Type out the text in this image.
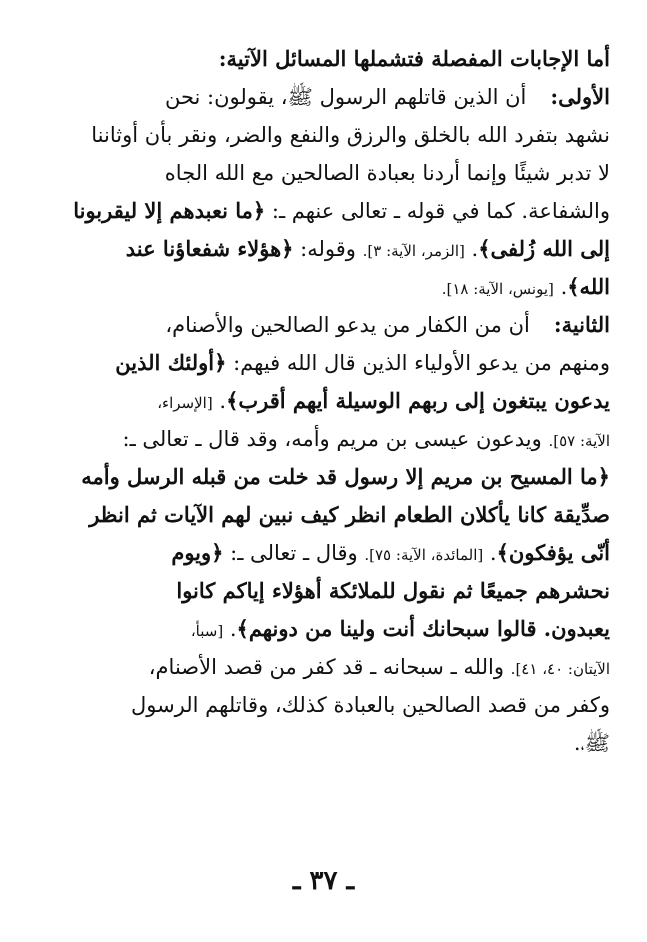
أما الإجابات المفصلة فتشملها المسائل الآتية:
الأولى:أن الذين قاتلهم الرسول ﷺ، يقولون: نحن
نشهد بتفرد الله بالخلق والرزق والنفع والضر، ونقر بأن أوثاننا
لا تدبر شيئًا وإنما أردنا بعبادة الصالحين مع الله الجاه
والشفاعة. كما في قوله ـ تعالى عنهم ـ: ﴿ما نعبدهم إلا ليقربونا
إلى الله زُلفى﴾. [الزمر، الآية: ٣]. وقوله: ﴿هؤلاء شفعاؤنا عند
الله﴾. [يونس، الآية: ١٨].
الثانية:أن من الكفار من يدعو الصالحين والأصنام،
ومنهم من يدعو الأولياء الذين قال الله فيهم: ﴿أولئك الذين
يدعون يبتغون إلى ربهم الوسيلة أيهم أقرب﴾. [الإسراء،
الآية: ٥٧]. ويدعون عيسى بن مريم وأمه، وقد قال ـ تعالى ـ:
﴿ما المسيح بن مريم إلا رسول قد خلت من قبله الرسل وأمه
صدِّيقة كانا يأكلان الطعام انظر كيف نبين لهم الآيات ثم انظر
أنّى يؤفكون﴾. [المائدة، الآية: ٧٥]. وقال ـ تعالى ـ: ﴿ويوم
نحشرهم جميعًا ثم نقول للملائكة أهؤلاء إياكم كانوا
يعبدون. قالوا سبحانك أنت ولينا من دونهم﴾. [سبأ،
الآيتان: ٤٠، ٤١]. والله ـ سبحانه ـ قد كفر من قصد الأصنام،
وكفر من قصد الصالحين بالعبادة كذلك، وقاتلهم الرسول
ﷺ،.
ـ ٣٧ ـ
